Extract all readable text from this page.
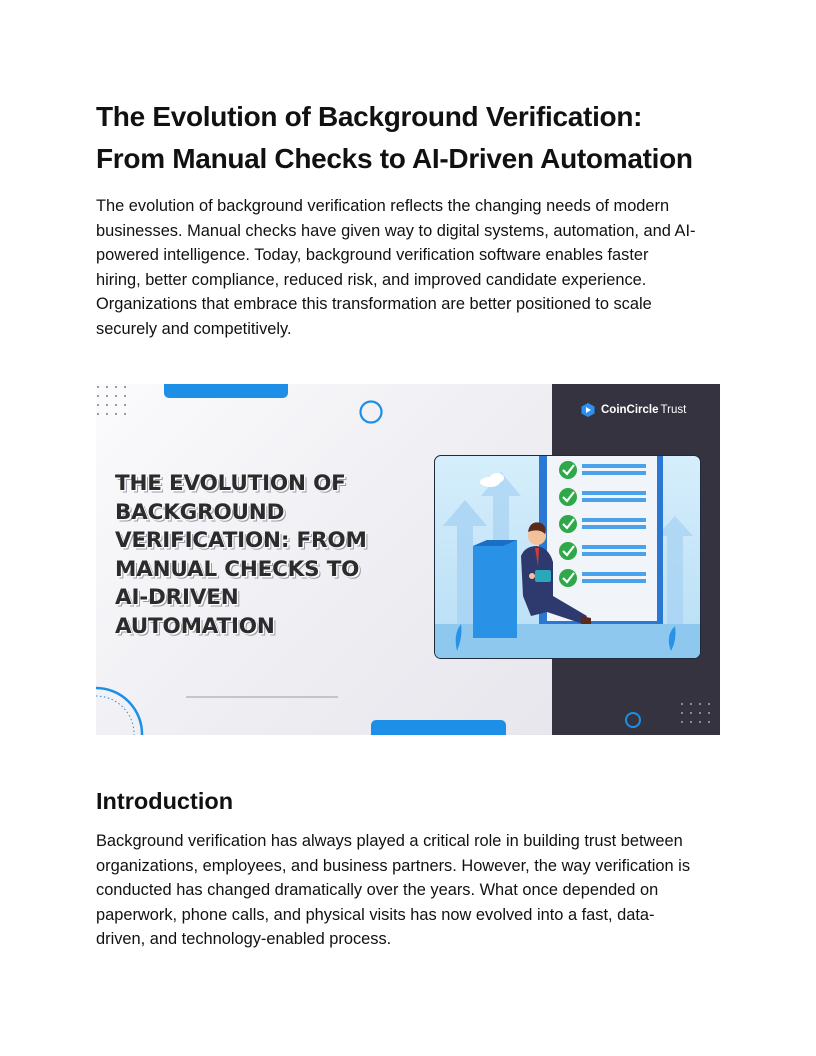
The Evolution of Background Verification:
From Manual Checks to AI-Driven Automation

The evolution of background verification reflects the changing needs of modern
businesses. Manual checks have given way to digital systems, automation, and AI-
powered intelligence. Today, background verification software enables faster
hiring, better compliance, reduced risk, and improved candidate experience.
Organizations that embrace this transformation are better positioned to scale
securely and competitively.

THE EVOLUTION OF
BACKGROUND
VERIFICATION: FROM
MANUAL CHECKS TO
AI-DRIVEN
AUTOMATION
CoinCircle Trust
Introduction

Background verification has always played a critical role in building trust between
organizations, employees, and business partners. However, the way verification is
conducted has changed dramatically over the years. What once depended on
paperwork, phone calls, and physical visits has now evolved into a fast, data-
driven, and technology-enabled process.
